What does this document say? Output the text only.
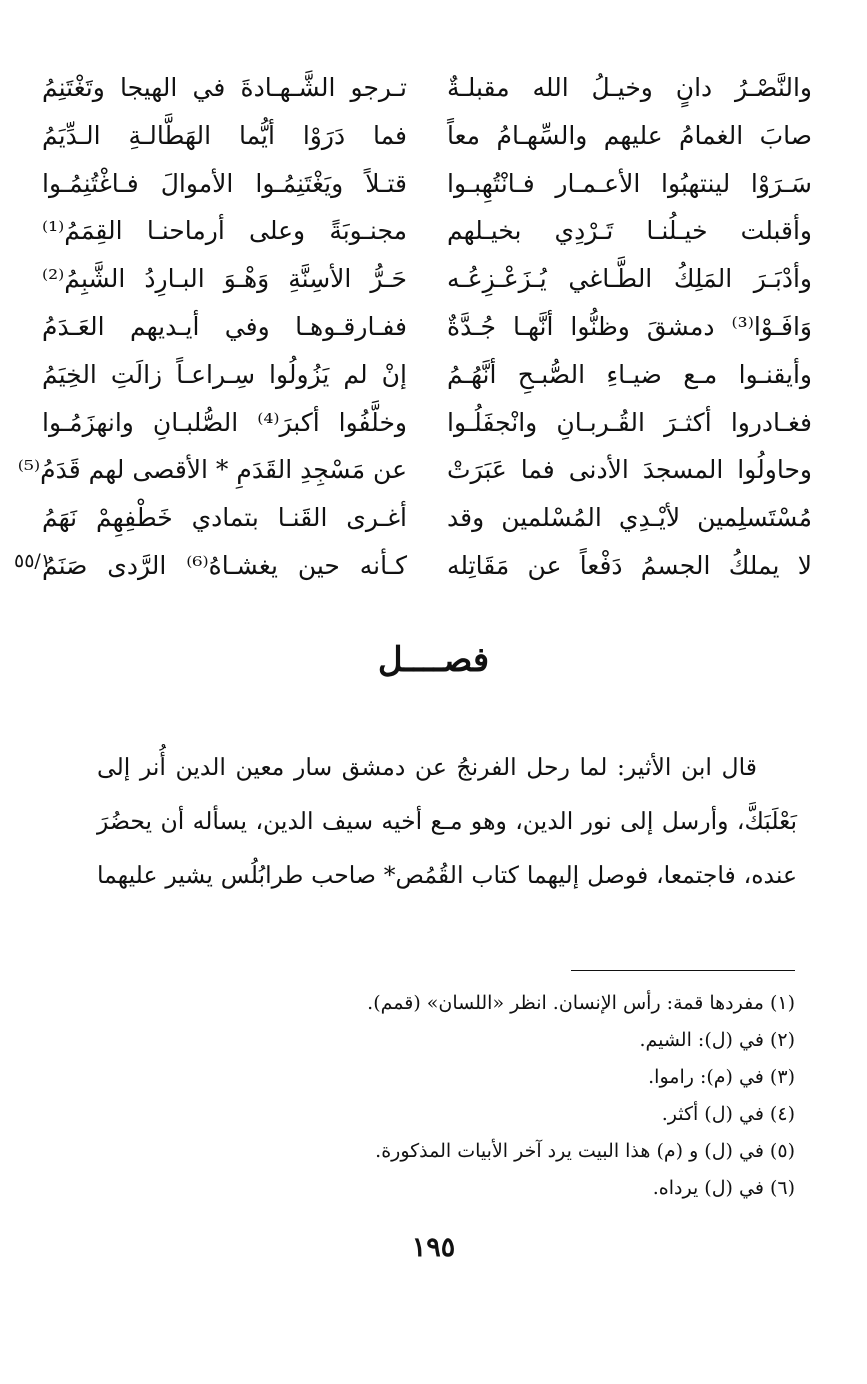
والنَّصْـرُ دانٍ وخيـلُ الله مقبلـةٌ
تـرجو الشَّـهـادةَ في الهيجا وتَغْتَنِمُ
صابَ الغمامُ عليهم والسِّهـامُ معاً
فما دَرَوْا أيُّما الهَطَّالـةِ الـدِّيَمُ
سَـرَوْا لينتهبُوا الأعـمـار فـانْتُهِبـوا
قتـلاً ويَغْتَنِمُـوا الأموالَ فـاغْتُنِمُـوا
وأقبلت خيـلُنـا تَـرْدِي بخيـلهم
مجنـوبَةً وعلى أرماحنـا القِمَمُ⁽¹⁾
وأدْبَـرَ المَلِكُ الطَّـاغي يُـزَعْـزِعُـه
حَـرُّ الأسِنَّةِ وَهْـوَ البـارِدُ الشَّبِمُ⁽²⁾
وَافَـوْا⁽³⁾ دمشقَ وظنُّوا أنَّهـا جُـدَّةٌ
ففـارقـوهـا وفي أيـديهم العَـدَمُ
وأيقنـوا مـع ضيـاءِ الصُّبـحِ أنَّهُـمُ
إنْ لم يَزُولُوا سِـراعـاً زالَتِ الخِيَمُ
فغـادروا أكثـرَ القُـربـانِ وانْجفَلُـوا
وخلَّفُوا أكبرَ⁽⁴⁾ الصُّلبـانِ وانهزَمُـوا
وحاولُوا المسجدَ الأدنى فما عَبَرَتْ
عن مَسْجِدِ القَدَمِ * الأقصى لهم قَدَمُ⁽⁵⁾
مُسْتَسلِمين لأيْـدِي المُسْلمين وقد
أغـرى القَنـا بتمادي خَطْفِهِمْ نَهَمُ
لا يملكُ الجسمُ دَفْعاً عن مَقَاتِله
كـأنه حين يغشـاهُ⁽⁶⁾ الرَّدى صَنَمُ
٥٥/١
فصــــل
قال ابن الأثير: لما رحل الفرنجُ عن دمشق سار معين الدين أُنر إلى
بَعْلَبَكَّ، وأرسل إلى نور الدين، وهو مـع أخيه سيف الدين، يسأله أن يحضُرَ
عنده، فاجتمعا، فوصل إليهما كتاب القُمُص* صاحب طرابُلُس يشير عليهما
(١) مفردها قمة: رأس الإنسان. انظر «اللسان» (قمم).
(٢) في (ل): الشيم.
(٣) في (م): راموا.
(٤) في (ل) أكثر.
(٥) في (ل) و (م) هذا البيت يرد آخر الأبيات المذكورة.
(٦) في (ل) يرداه.
١٩٥
